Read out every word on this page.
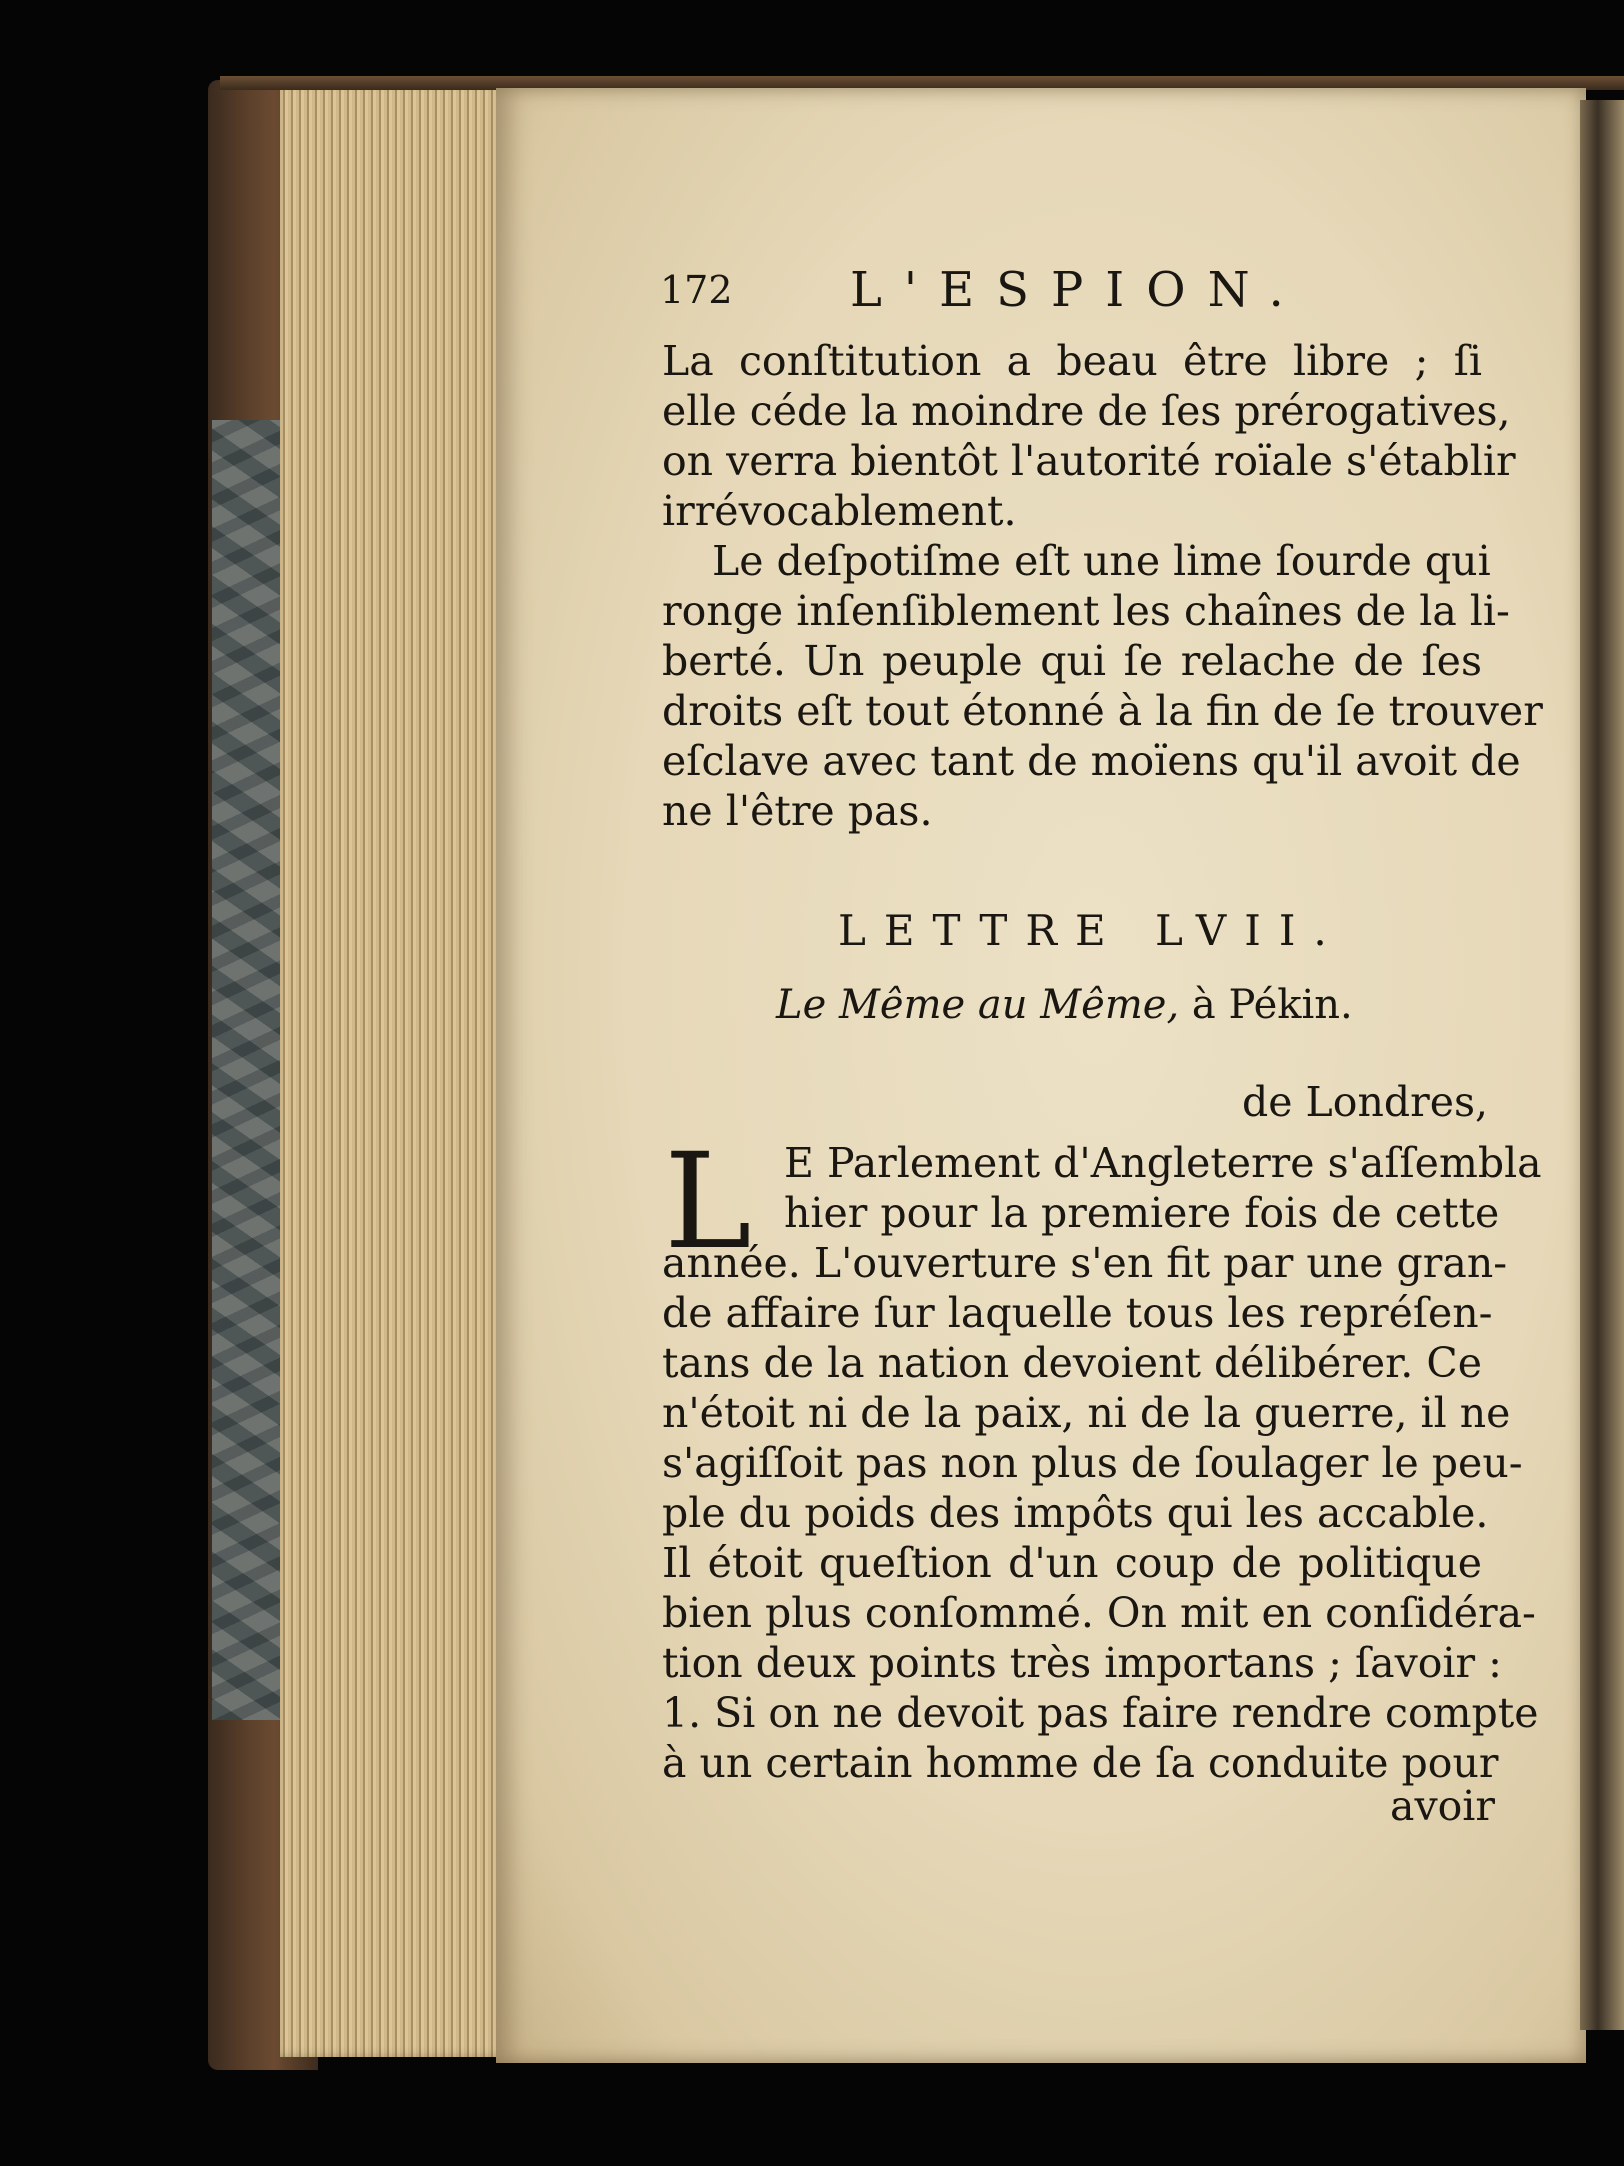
172 L'ESPION.
La conſtitution a beau être libre ; ſi
elle céde la moindre de ſes prérogatives,
on verra bientôt l'autorité roïale s'établir
irrévocablement.
Le deſpotiſme eſt une lime ſourde qui
ronge inſenſiblement les chaînes de la li-
berté. Un peuple qui ſe relache de ſes
droits eſt tout étonné à la fin de ſe trouver
eſclave avec tant de moïens qu'il avoit de
ne l'être pas.
LETTRE LVII.
Le Même au Même, à Pékin.
de Londres,
L E Parlement d'Angleterre s'aſſembla
hier pour la premiere fois de cette
année. L'ouverture s'en fit par une gran-
de affaire ſur laquelle tous les repréſen-
tans de la nation devoient délibérer. Ce
n'étoit ni de la paix, ni de la guerre, il ne
s'agiſſoit pas non plus de ſoulager le peu-
ple du poids des impôts qui les accable.
Il étoit queſtion d'un coup de politique
bien plus conſommé. On mit en conſidéra-
tion deux points très importans ; ſavoir :
1. Si on ne devoit pas faire rendre compte
à un certain homme de ſa conduite pour
avoir
